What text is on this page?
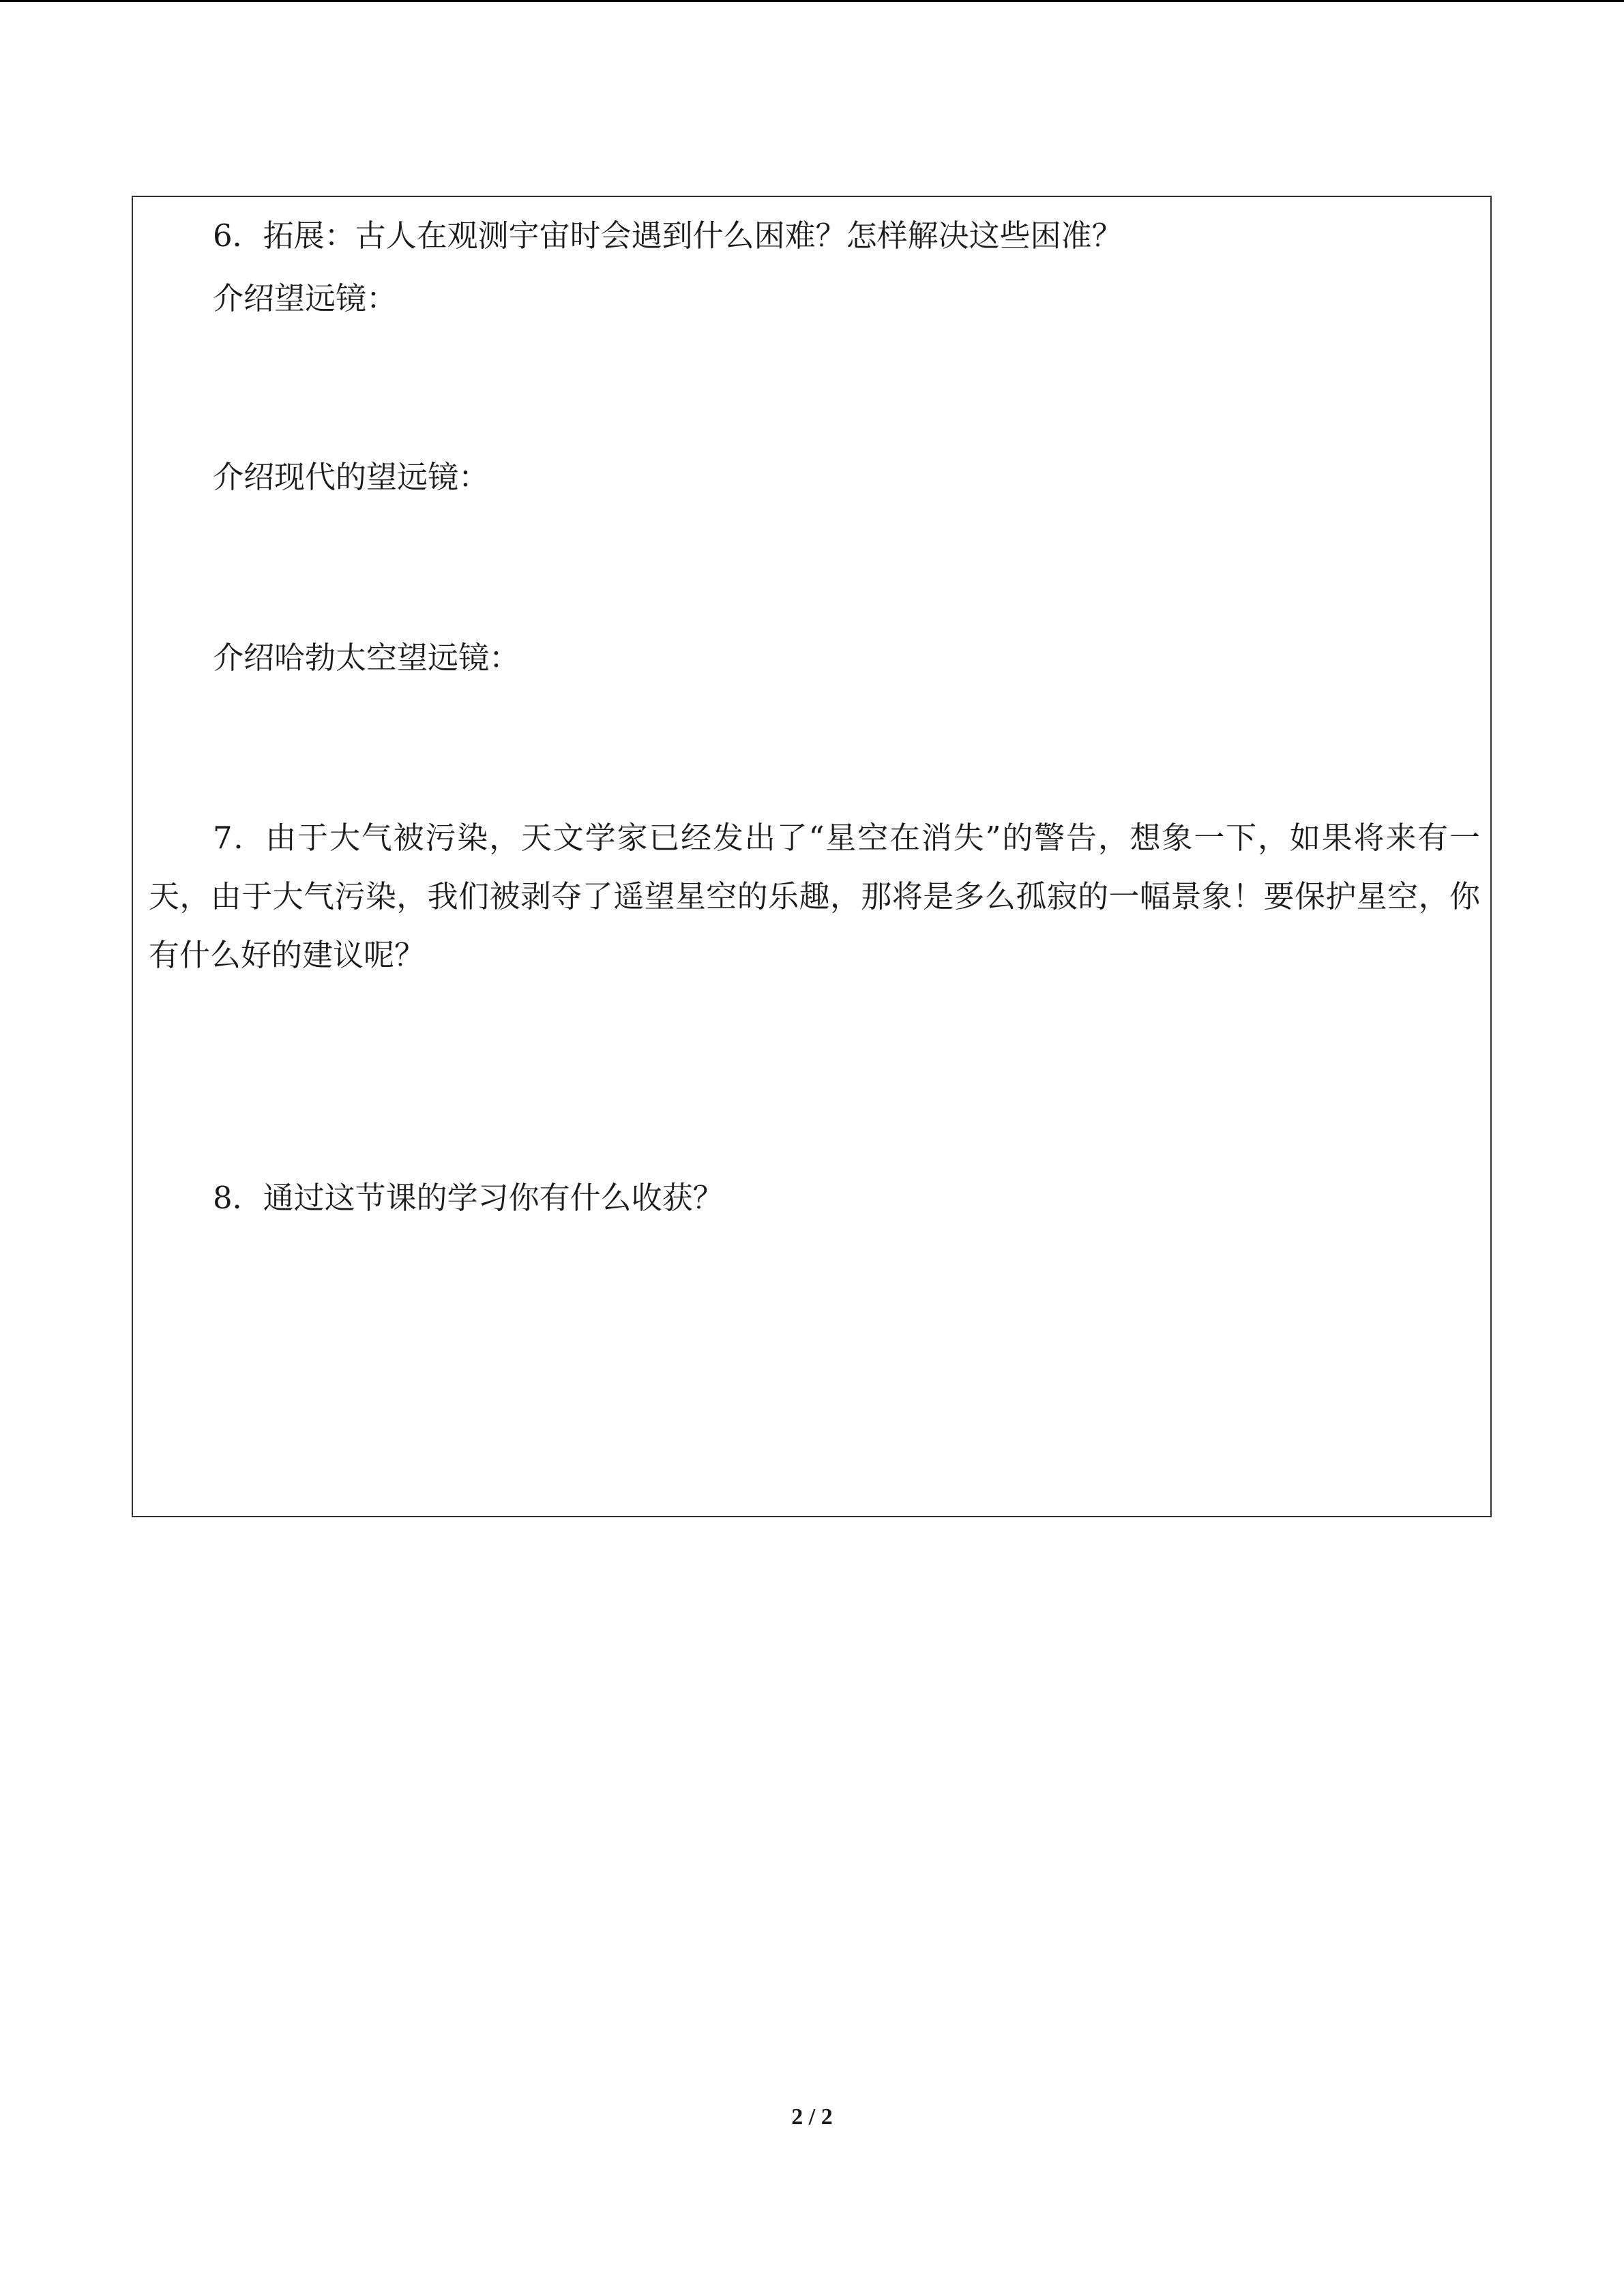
6．拓展：古人在观测宇宙时会遇到什么困难？怎样解决这些困准？

介绍望远镜：

介绍现代的望远镜：

介绍哈勃太空望远镜：

7．由于大气被污染，天文学家已经发出了“星空在消失”的警告，想象一下，如果将来有一天，由于大气污染，我们被剥夺了遥望星空的乐趣，那将是多么孤寂的一幅景象！要保护星空，你有什么好的建议呢？

8．通过这节课的学习你有什么收获？

2 / 2
